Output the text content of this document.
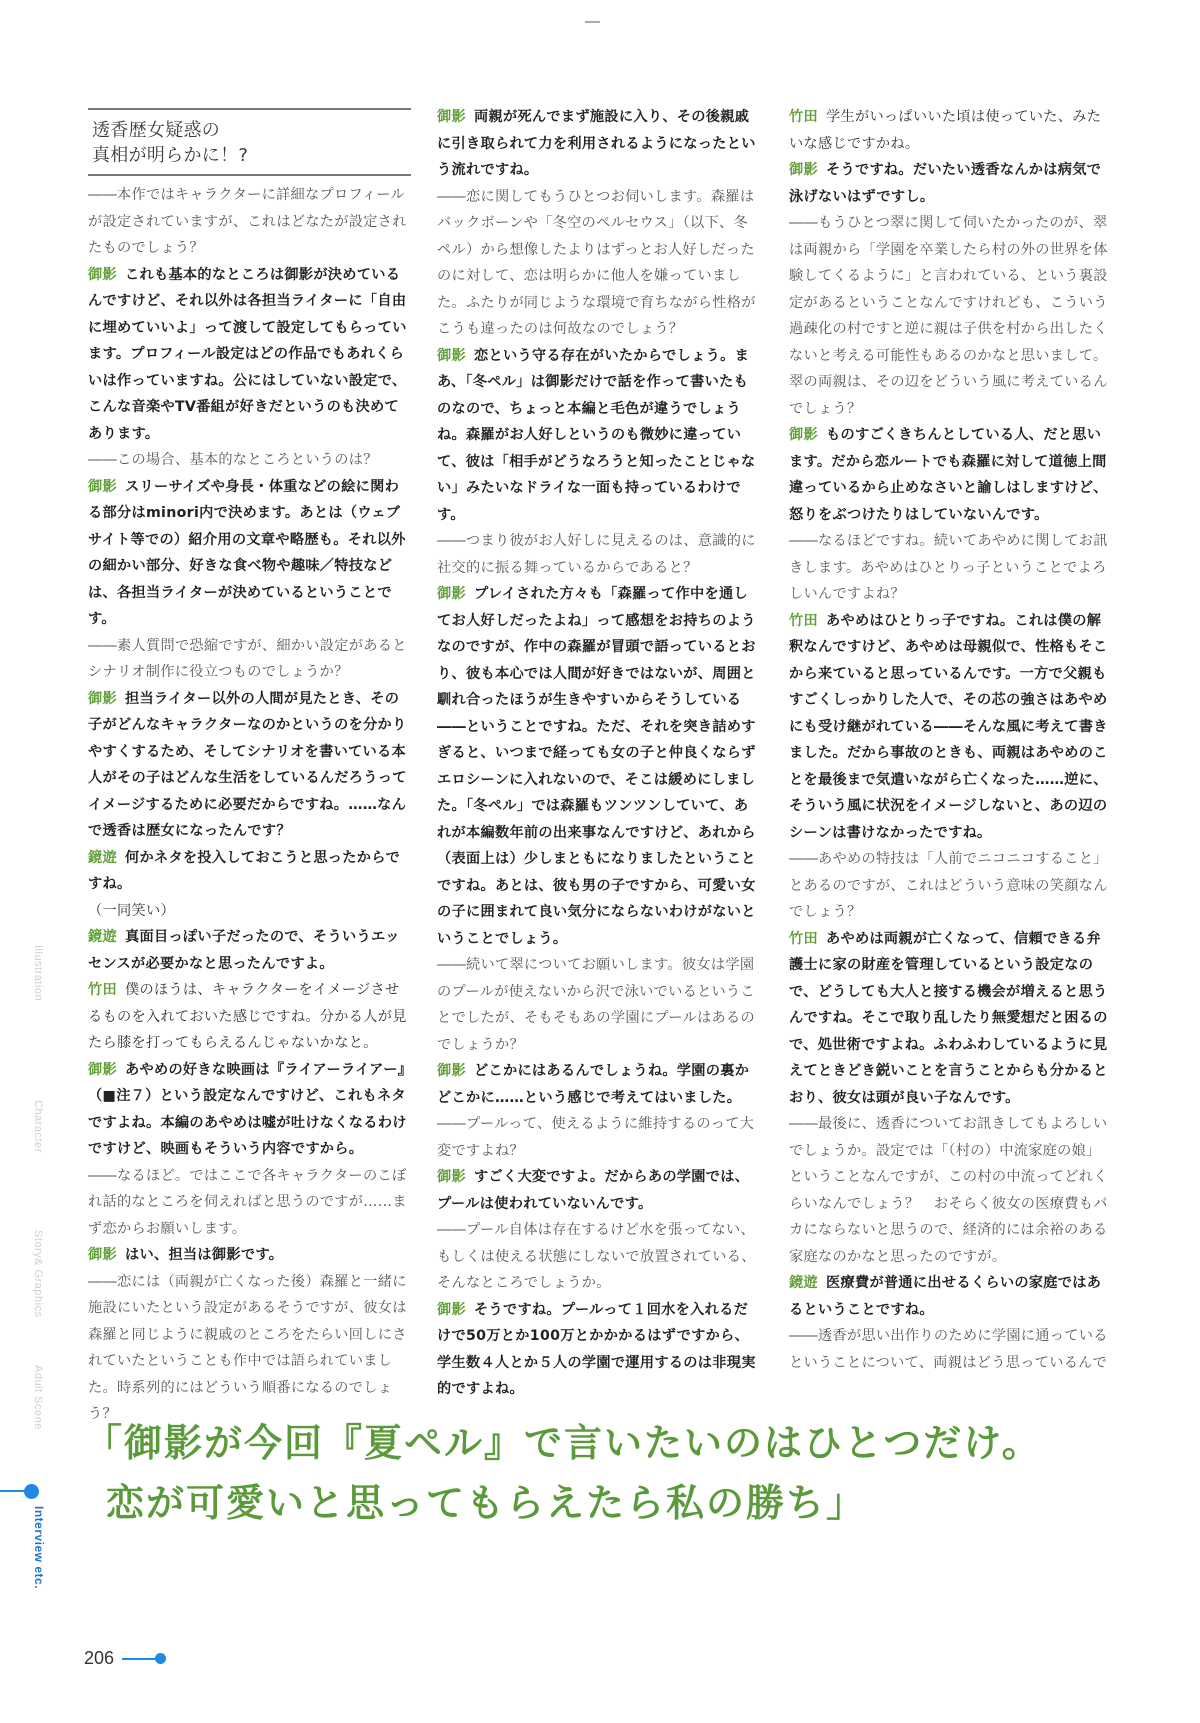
透香歴女疑惑の
真相が明らかに！?

――本作ではキャラクターに詳細なプロフィールが設定されていますが、これはどなたが設定されたものでしょう？

御影 これも基本的なところは御影が決めているんですけど、それ以外は各担当ライターに「自由に埋めていいよ」って渡して設定してもらっています。プロフィール設定はどの作品でもあれくらいは作っていますね。公にはしていない設定で、こんな音楽やTV番組が好きだというのも決めてあります。

――この場合、基本的なところというのは？

御影 スリーサイズや身長・体重などの絵に関わる部分はminori内で決めます。あとは（ウェブサイト等での）紹介用の文章や略歴も。それ以外の細かい部分、好きな食べ物や趣味／特技などは、各担当ライターが決めているということです。

――素人質問で恐縮ですが、細かい設定があるとシナリオ制作に役立つものでしょうか？

御影 担当ライター以外の人間が見たとき、その子がどんなキャラクターなのかというのを分かりやすくするため、そしてシナリオを書いている本人がその子はどんな生活をしているんだろうってイメージするために必要だからですね。……なんで透香は歴女になったんです？

鏡遊 何かネタを投入しておこうと思ったからですね。

（一同笑い）

鏡遊 真面目っぽい子だったので、そういうエッセンスが必要かなと思ったんですよ。

竹田 僕のほうは、キャラクターをイメージさせるものを入れておいた感じですね。分かる人が見たら膝を打ってもらえるんじゃないかなと。

御影 あやめの好きな映画は『ライアーライアー』（■注７）という設定なんですけど、これもネタですよね。本編のあやめは嘘が吐けなくなるわけですけど、映画もそういう内容ですから。

――なるほど。ではここで各キャラクターのこぼれ話的なところを伺えればと思うのですが……まず恋からお願いします。

御影 はい、担当は御影です。

――恋には（両親が亡くなった後）森羅と一緒に施設にいたという設定があるそうですが、彼女は森羅と同じように親戚のところをたらい回しにされていたということも作中では語られていました。時系列的にはどういう順番になるのでしょう？

御影 両親が死んでまず施設に入り、その後親戚に引き取られて力を利用されるようになったという流れですね。

――恋に関してもうひとつお伺いします。森羅はバックボーンや「冬空のペルセウス」（以下、冬ペル）から想像したよりはずっとお人好しだったのに対して、恋は明らかに他人を嫌っていました。ふたりが同じような環境で育ちながら性格がこうも違ったのは何故なのでしょう？

御影 恋という守る存在がいたからでしょう。まあ、「冬ペル」は御影だけで話を作って書いたものなので、ちょっと本編と毛色が違うでしょうね。森羅がお人好しというのも微妙に違っていて、彼は「相手がどうなろうと知ったことじゃない」みたいなドライな一面も持っているわけです。

――つまり彼がお人好しに見えるのは、意識的に社交的に振る舞っているからであると？

御影 プレイされた方々も「森羅って作中を通してお人好しだったよね」って感想をお持ちのようなのですが、作中の森羅が冒頭で語っているとおり、彼も本心では人間が好きではないが、周囲と馴れ合ったほうが生きやすいからそうしている――ということですね。ただ、それを突き詰めすぎると、いつまで経っても女の子と仲良くならずエロシーンに入れないので、そこは緩めにしました。「冬ペル」では森羅もツンツンしていて、あれが本編数年前の出来事なんですけど、あれから（表面上は）少しまともになりましたということですね。あとは、彼も男の子ですから、可愛い女の子に囲まれて良い気分にならないわけがないということでしょう。

――続いて翠についてお願いします。彼女は学園のプールが使えないから沢で泳いでいるということでしたが、そもそもあの学園にプールはあるのでしょうか？

御影 どこかにはあるんでしょうね。学園の裏かどこかに……という感じで考えてはいました。

――プールって、使えるように維持するのって大変ですよね？

御影 すごく大変ですよ。だからあの学園では、プールは使われていないんです。

――プール自体は存在するけど水を張ってない、もしくは使える状態にしないで放置されている、そんなところでしょうか。

御影 そうですね。プールって１回水を入れるだけで50万とか100万とかかかるはずですから、学生数４人とか５人の学園で運用するのは非現実的ですよね。

竹田 学生がいっぱいいた頃は使っていた、みたいな感じですかね。

御影 そうですね。だいたい透香なんかは病気で泳げないはずですし。

――もうひとつ翠に関して伺いたかったのが、翠は両親から「学園を卒業したら村の外の世界を体験してくるように」と言われている、という裏設定があるということなんですけれども、こういう過疎化の村ですと逆に親は子供を村から出したくないと考える可能性もあるのかなと思いまして。翠の両親は、その辺をどういう風に考えているんでしょう？

御影 ものすごくきちんとしている人、だと思います。だから恋ルートでも森羅に対して道徳上間違っているから止めなさいと諭しはしますけど、怒りをぶつけたりはしていないんです。

――なるほどですね。続いてあやめに関してお訊きします。あやめはひとりっ子ということでよろしいんですよね？

竹田 あやめはひとりっ子ですね。これは僕の解釈なんですけど、あやめは母親似で、性格もそこから来ていると思っているんです。一方で父親もすごくしっかりした人で、その芯の強さはあやめにも受け継がれている――そんな風に考えて書きました。だから事故のときも、両親はあやめのことを最後まで気遣いながら亡くなった……逆に、そういう風に状況をイメージしないと、あの辺のシーンは書けなかったですね。

――あやめの特技は「人前でニコニコすること」とあるのですが、これはどういう意味の笑顔なんでしょう？

竹田 あやめは両親が亡くなって、信頼できる弁護士に家の財産を管理しているという設定なので、どうしても大人と接する機会が増えると思うんですね。そこで取り乱したり無愛想だと困るので、処世術ですよね。ふわふわしているように見えてときどき鋭いことを言うことからも分かるとおり、彼女は頭が良い子なんです。

――最後に、透香についてお訊きしてもよろしいでしょうか。設定では「（村の）中流家庭の娘」ということなんですが、この村の中流ってどれくらいなんでしょう？　おそらく彼女の医療費もバカにならないと思うので、経済的には余裕のある家庭なのかなと思ったのですが。

鏡遊 医療費が普通に出せるくらいの家庭ではあるということですね。

――透香が思い出作りのために学園に通っているということについて、両親はどう思っているんで

「御影が今回『夏ペル』で言いたいのはひとつだけ。
恋が可愛いと思ってもらえたら私の勝ち」
Illustration
Character
Story& Graphics
Adult Scene
Interview etc.
206
